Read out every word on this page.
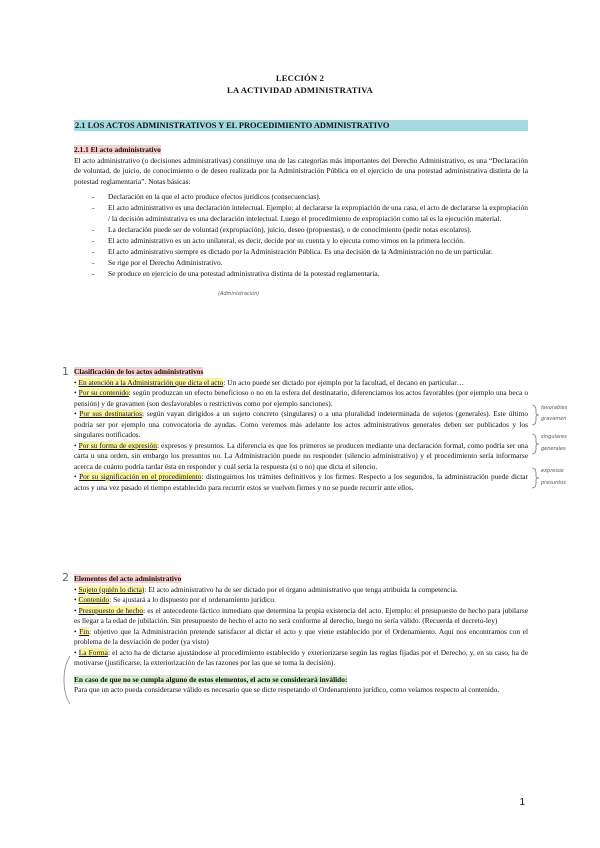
LECCIÓN 2
LA ACTIVIDAD ADMINISTRATIVA
2.1 LOS ACTOS ADMINISTRATIVOS Y EL PROCEDIMIENTO ADMINISTRATIVO
2.1.1 El acto administrativo
El acto administrativo (o decisiones administrativas) constituye una de las categorías más importantes del Derecho Administrativo, es una “Declaración de voluntad, de juicio, de conocimiento o de deseo realizada por la Administración Pública en el ejercicio de una potestad administrativa distinta de la potestad reglamentaria”. Notas básicas:
- Declaración en la que el acto produce efectos jurídicos (consecuencias).
- El acto administrativo es una declaración intelectual. Ejemplo: al declararse la expropiación de una casa, el acto de declararse la expropiación / la decisión administrativa es una declaración intelectual. Luego el procedimiento de expropiación como tal es la ejecución material.
- La declaración puede ser de voluntad (expropiación), juicio, deseo (propuestas), o de conocimiento (pedir notas escolares).
- El acto administrativo es un acto unilateral, es decir, decide por su cuenta y lo ejecuta como vimos en la primera lección.
- El acto administrativo siempre es dictado por la Administración Pública. Es una decisión de la Administración no de un particular.
- Se rige por el Derecho Administrativo.
- Se produce en ejercicio de una potestad administrativa distinta de la potestad reglamentaria.
(Administración)
1 Clasificación de los actos administrativos

• En atención a la Administración que dicta el acto: Un acto puede ser dictado por ejemplo por la facultad, el decano en particular…

• Por su contenido: según produzcan un efecto beneficioso o no en la esfera del destinatario, diferenciamos los actos favorables (por ejemplo una beca o pensión) y de gravamen (son desfavorables o restrictivos como por ejemplo sanciones).

• Por sus destinatarios: según vayan dirigidos a un sujeto concreto (singulares) o a una pluralidad indeterminada de sujetos (generales). Este último podría ser por ejemplo una convocatoria de ayudas. Como veremos más adelante los actos administrativos generales deben ser publicados y los singulares notificados.

• Por su forma de expresión: expresos y presuntos. La diferencia es que los primeros se producen mediante una declaración formal, como podría ser una carta u una orden, sin embargo los presuntos no. La Administración puede no responder (silencio administrativo) y el procedimiento sería informarse acerca de cuánto podría tardar ésta en responder y cuál sería la respuesta (si o no) que dicta el silencio.

• Por su significación en el procedimiento: distinguimos los trámites definitivos y los firmes. Respecto a los segundos, la administración puede dictar actos y una vez pasado el tiempo establecido para recurrir estos se vuelven firmes y no se puede recurrir ante ellos.

favorables
gravamen
singulares
generales
expresos
presuntos
2 Elementos del acto administrativo

• Sujeto (quién lo dicta): El acto administrativo ha de ser dictado por el órgano administrativo que tenga atribuida la competencia.

• Contenido: Se ajustará a lo dispuesto por el ordenamiento jurídico.

• Presupuesto de hecho: es el antecedente fáctico inmediato que determina la propia existencia del acto. Ejemplo: el presupuesto de hecho para jubilarse es llegar a la edad de jubilación. Sin presupuesto de hecho el acto no será conforme al derecho, luego no sería válido. (Recuerda el decreto-ley)

• Fin: objetivo que la Administración pretende satisfacer al dictar el acto y que viene establecido por el Ordenamiento. Aquí nos encontramos con el problema de la desviación de poder (ya visto)

• La Forma: el acto ha de dictarse ajustándose al procedimiento establecido y exteriorizarse según las reglas fijadas por el Derecho, y, en su caso, ha de motivarse (justificarse, la exteriorización de las razones por las que se toma la decisión).

En caso de que no se cumpla alguno de estos elementos, el acto se considerará inválido:
Para que un acto pueda considerarse válido es necesario que se dicte respetando el Ordenamiento jurídico, como veíamos respecto al contenido.
1
